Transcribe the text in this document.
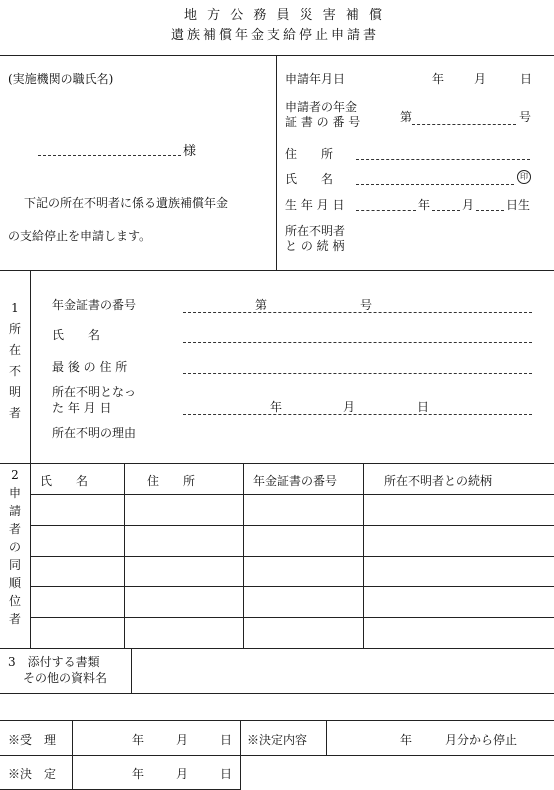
地 方 公 務 員 災 害 補 償
遺族補償年金支給停止申請書
(実施機関の職氏名)
様
下記の所在不明者に係る遺族補償年金
の支給停止を申請します。
申請年月日	年 月	日
申請者の年金
証 書 の 番 号	第	号
住　　所
氏　　名	印
生 年 月 日	年	月	日生
所在不明者
と の 続 柄
1所在不明者
年金証書の番号	第	号
氏　　名
最 後 の 住 所
所在不明となっ
た 年 月 日	年	月	日
所在不明の理由
2申請者の同順位者
氏　　名	住　　所	年金証書の番号	所在不明者との続柄
3　添付する書類
その他の資料名
※受　理	年	月	日 ※決定内容	年	月分から停止
※決　定	年	月	日
